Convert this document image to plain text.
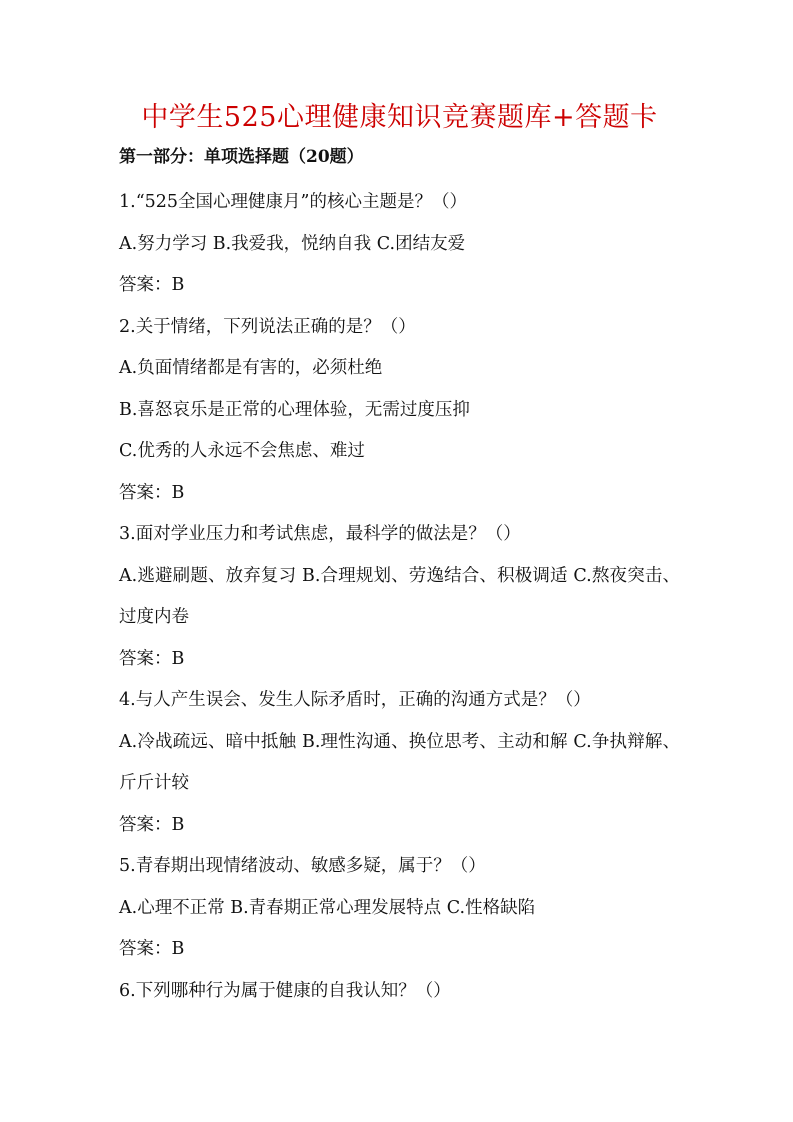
中学生525心理健康知识竞赛题库+答题卡
第一部分：单项选择题（20题）

1.“525全国心理健康月”的核心主题是？（）

A.努力学习 B.我爱我，悦纳自我 C.团结友爱

答案：B

2.关于情绪，下列说法正确的是？（）

A.负面情绪都是有害的，必须杜绝

B.喜怒哀乐是正常的心理体验，无需过度压抑

C.优秀的人永远不会焦虑、难过

答案：B

3.面对学业压力和考试焦虑，最科学的做法是？（）

A.逃避刷题、放弃复习 B.合理规划、劳逸结合、积极调适 C.熬夜突击、过度内卷

答案：B

4.与人产生误会、发生人际矛盾时，正确的沟通方式是？（）

A.冷战疏远、暗中抵触 B.理性沟通、换位思考、主动和解 C.争执辩解、斤斤计较

答案：B

5.青春期出现情绪波动、敏感多疑，属于？（）

A.心理不正常 B.青春期正常心理发展特点 C.性格缺陷

答案：B

6.下列哪种行为属于健康的自我认知？（）
